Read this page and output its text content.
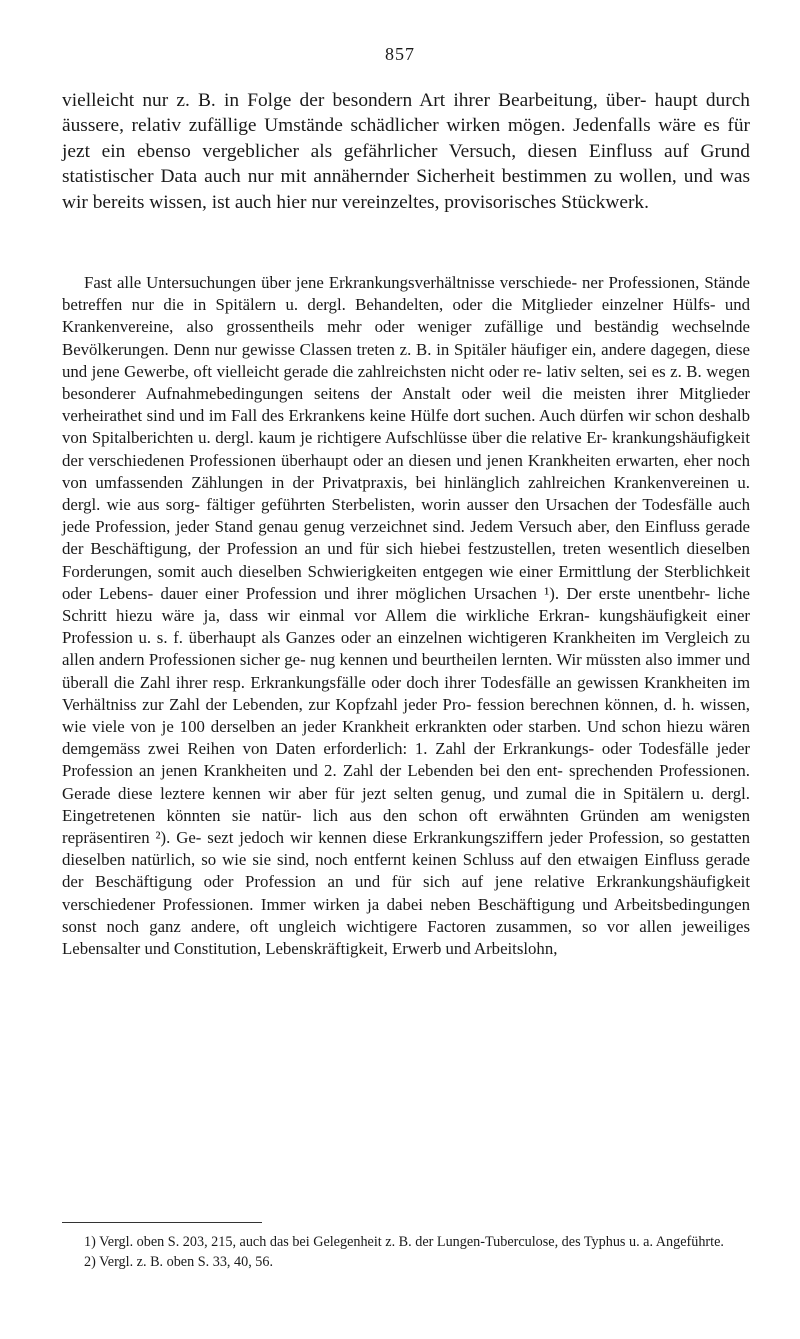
857

vielleicht nur z. B. in Folge der besondern Art ihrer Bearbeitung, über- haupt durch äussere, relativ zufällige Umstände schädlicher wirken mögen. Jedenfalls wäre es für jezt ein ebenso vergeblicher als gefährlicher Versuch, diesen Einfluss auf Grund statistischer Data auch nur mit annähernder Sicherheit bestimmen zu wollen, und was wir bereits wissen, ist auch hier nur vereinzeltes, provisorisches Stückwerk.

Fast alle Untersuchungen über jene Erkrankungsverhältnisse verschiede- ner Professionen, Stände betreffen nur die in Spitälern u. dergl. Behandelten, oder die Mitglieder einzelner Hülfs- und Krankenvereine, also grossentheils mehr oder weniger zufällige und beständig wechselnde Bevölkerungen. Denn nur gewisse Classen treten z. B. in Spitäler häufiger ein, andere dagegen, diese und jene Gewerbe, oft vielleicht gerade die zahlreichsten nicht oder re- lativ selten, sei es z. B. wegen besonderer Aufnahmebedingungen seitens der Anstalt oder weil die meisten ihrer Mitglieder verheirathet sind und im Fall des Erkrankens keine Hülfe dort suchen. Auch dürfen wir schon deshalb von Spitalberichten u. dergl. kaum je richtigere Aufschlüsse über die relative Er- krankungshäufigkeit der verschiedenen Professionen überhaupt oder an diesen und jenen Krankheiten erwarten, eher noch von umfassenden Zählungen in der Privatpraxis, bei hinlänglich zahlreichen Krankenvereinen u. dergl. wie aus sorg- fältiger geführten Sterbelisten, worin ausser den Ursachen der Todesfälle auch jede Profession, jeder Stand genau genug verzeichnet sind. Jedem Versuch aber, den Einfluss gerade der Beschäftigung, der Profession an und für sich hiebei festzustellen, treten wesentlich dieselben Forderungen, somit auch dieselben Schwierigkeiten entgegen wie einer Ermittlung der Sterblichkeit oder Lebens- dauer einer Profession und ihrer möglichen Ursachen ¹). Der erste unentbehr- liche Schritt hiezu wäre ja, dass wir einmal vor Allem die wirkliche Erkran- kungshäufigkeit einer Profession u. s. f. überhaupt als Ganzes oder an einzelnen wichtigeren Krankheiten im Vergleich zu allen andern Professionen sicher ge- nug kennen und beurtheilen lernten. Wir müssten also immer und überall die Zahl ihrer resp. Erkrankungsfälle oder doch ihrer Todesfälle an gewissen Krankheiten im Verhältniss zur Zahl der Lebenden, zur Kopfzahl jeder Pro- fession berechnen können, d. h. wissen, wie viele von je 100 derselben an jeder Krankheit erkrankten oder starben. Und schon hiezu wären demgemäss zwei Reihen von Daten erforderlich: 1. Zahl der Erkrankungs- oder Todesfälle jeder Profession an jenen Krankheiten und 2. Zahl der Lebenden bei den ent- sprechenden Professionen. Gerade diese leztere kennen wir aber für jezt selten genug, und zumal die in Spitälern u. dergl. Eingetretenen könnten sie natür- lich aus den schon oft erwähnten Gründen am wenigsten repräsentiren ²). Ge- sezt jedoch wir kennen diese Erkrankungsziffern jeder Profession, so gestatten dieselben natürlich, so wie sie sind, noch entfernt keinen Schluss auf den etwaigen Einfluss gerade der Beschäftigung oder Profession an und für sich auf jene relative Erkrankungshäufigkeit verschiedener Professionen. Immer wirken ja dabei neben Beschäftigung und Arbeitsbedingungen sonst noch ganz andere, oft ungleich wichtigere Factoren zusammen, so vor allen jeweiliges Lebensalter und Constitution, Lebenskräftigkeit, Erwerb und Arbeitslohn,

1) Vergl. oben S. 203, 215, auch das bei Gelegenheit z. B. der Lungen-Tuberculose, des Typhus u. a. Angeführte.

2) Vergl. z. B. oben S. 33, 40, 56.
